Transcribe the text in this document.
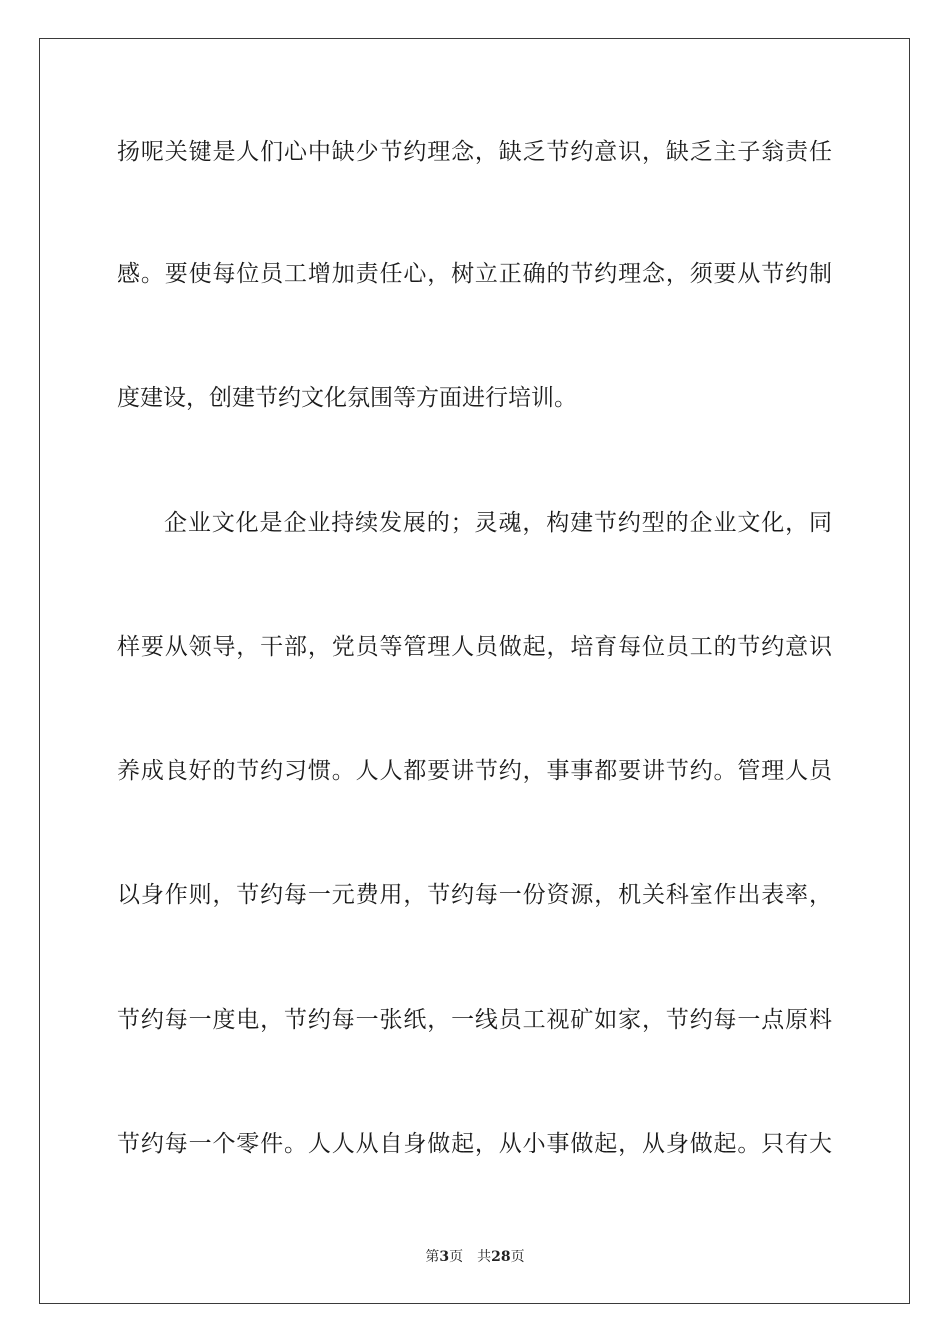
扬呢关键是人们心中缺少节约理念，缺乏节约意识，缺乏主子翁责任
感。要使每位员工增加责任心，树立正确的节约理念，须要从节约制
度建设，创建节约文化氛围等方面进行培训。
企业文化是企业持续发展的；灵魂，构建节约型的企业文化，同
样要从领导，干部，党员等管理人员做起，培育每位员工的节约意识
养成良好的节约习惯。人人都要讲节约，事事都要讲节约。管理人员
以身作则，节约每一元费用，节约每一份资源，机关科室作出表率，
节约每一度电，节约每一张纸，一线员工视矿如家，节约每一点原料
节约每一个零件。人人从自身做起，从小事做起，从身做起。只有大
第3页　共28页
